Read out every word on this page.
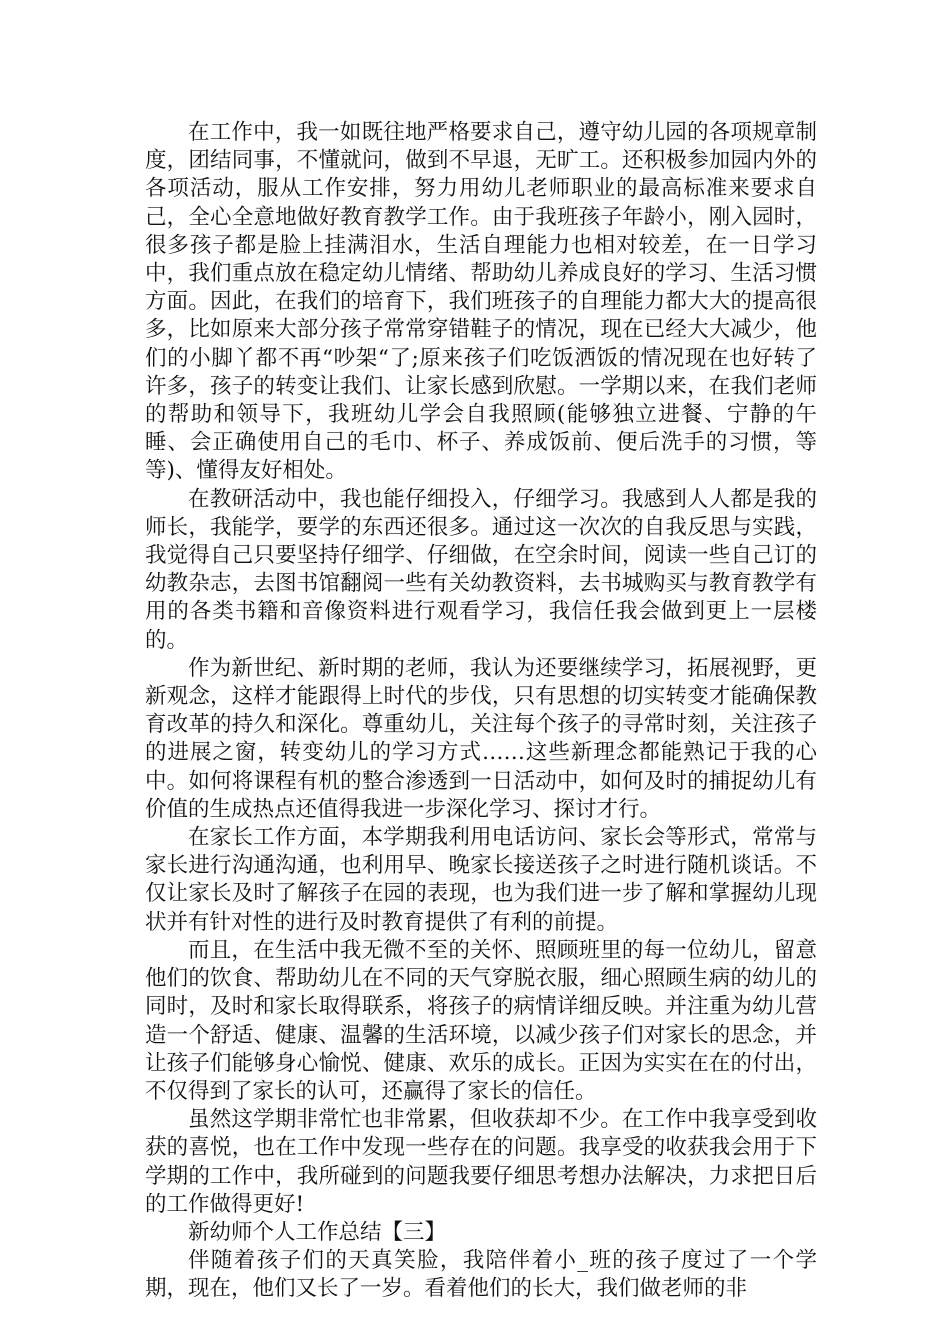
在工作中，我一如既往地严格要求自己，遵守幼儿园的各项规章制度，团结同事，不懂就问，做到不早退，无旷工。还积极参加园内外的各项活动，服从工作安排，努力用幼儿老师职业的最高标准来要求自己，全心全意地做好教育教学工作。由于我班孩子年龄小，刚入园时，很多孩子都是脸上挂满泪水，生活自理能力也相对较差，在一日学习中，我们重点放在稳定幼儿情绪、帮助幼儿养成良好的学习、生活习惯方面。因此，在我们的培育下，我们班孩子的自理能力都大大的提高很多，比如原来大部分孩子常常穿错鞋子的情况，现在已经大大减少，他们的小脚丫都不再“吵架“了;原来孩子们吃饭洒饭的情况现在也好转了许多，孩子的转变让我们、让家长感到欣慰。一学期以来，在我们老师的帮助和领导下，我班幼儿学会自我照顾(能够独立进餐、宁静的午睡、会正确使用自己的毛巾、杯子、养成饭前、便后洗手的习惯，等等)、懂得友好相处。

在教研活动中，我也能仔细投入，仔细学习。我感到人人都是我的师长，我能学，要学的东西还很多。通过这一次次的自我反思与实践，我觉得自己只要坚持仔细学、仔细做，在空余时间，阅读一些自己订的幼教杂志，去图书馆翻阅一些有关幼教资料，去书城购买与教育教学有用的各类书籍和音像资料进行观看学习，我信任我会做到更上一层楼的。

作为新世纪、新时期的老师，我认为还要继续学习，拓展视野，更新观念，这样才能跟得上时代的步伐，只有思想的切实转变才能确保教育改革的持久和深化。尊重幼儿，关注每个孩子的寻常时刻，关注孩子的进展之窗，转变幼儿的学习方式……这些新理念都能熟记于我的心中。如何将课程有机的整合渗透到一日活动中，如何及时的捕捉幼儿有价值的生成热点还值得我进一步深化学习、探讨才行。

在家长工作方面，本学期我利用电话访问、家长会等形式，常常与家长进行沟通沟通，也利用早、晚家长接送孩子之时进行随机谈话。不仅让家长及时了解孩子在园的表现，也为我们进一步了解和掌握幼儿现状并有针对性的进行及时教育提供了有利的前提。

而且，在生活中我无微不至的关怀、照顾班里的每一位幼儿，留意他们的饮食、帮助幼儿在不同的天气穿脱衣服，细心照顾生病的幼儿的同时，及时和家长取得联系，将孩子的病情详细反映。并注重为幼儿营造一个舒适、健康、温馨的生活环境，以减少孩子们对家长的思念，并让孩子们能够身心愉悦、健康、欢乐的成长。正因为实实在在的付出，不仅得到了家长的认可，还赢得了家长的信任。

虽然这学期非常忙也非常累，但收获却不少。在工作中我享受到收获的喜悦，也在工作中发现一些存在的问题。我享受的收获我会用于下学期的工作中，我所碰到的问题我要仔细思考想办法解决，力求把日后的工作做得更好!

新幼师个人工作总结【三】

伴随着孩子们的天真笑脸，我陪伴着小_班的孩子度过了一个学期，现在，他们又长了一岁。看着他们的长大，我们做老师的非
